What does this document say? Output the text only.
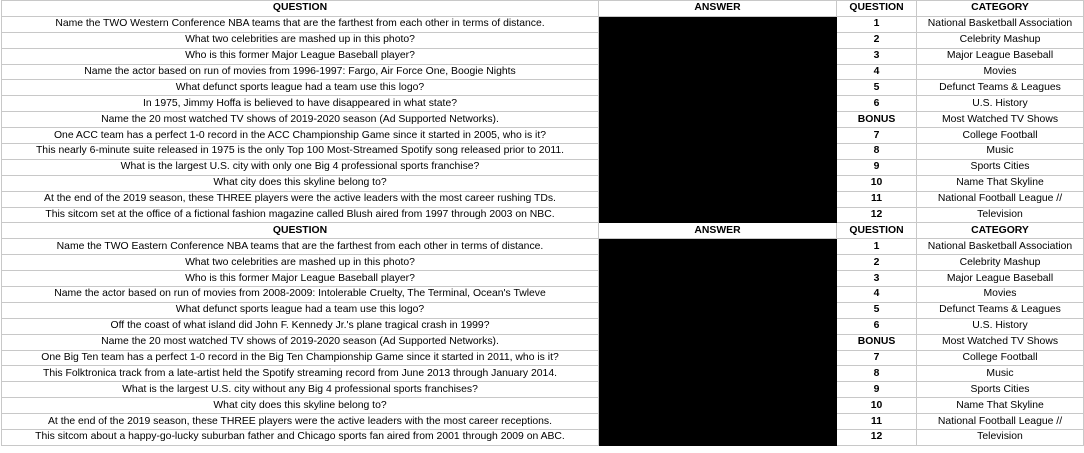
QUESTION	ANSWER	QUESTION	CATEGORY
Name the TWO Western Conference NBA teams that are the farthest from each other in terms of distance.		1	National Basketball Association
What two celebrities are mashed up in this photo?		2	Celebrity Mashup
Who is this former Major League Baseball player?		3	Major League Baseball
Name the actor based on run of movies from 1996-1997: Fargo, Air Force One, Boogie Nights		4	Movies
What defunct sports league had a team use this logo?		5	Defunct Teams & Leagues
In 1975, Jimmy Hoffa is believed to have disappeared in what state?		6	U.S. History
Name the 20 most watched TV shows of 2019-2020 season (Ad Supported Networks).		BONUS	Most Watched TV Shows
One ACC team has a perfect 1-0 record in the ACC Championship Game since it started in 2005, who is it?		7	College Football
This nearly 6-minute suite released in 1975 is the only Top 100 Most-Streamed Spotify song released prior to 2011.		8	Music
What is the largest U.S. city with only one Big 4 professional sports franchise?		9	Sports Cities
What city does this skyline belong to?		10	Name That Skyline
At the end of the 2019 season, these THREE players were the active leaders with the most career rushing TDs.		11	National Football League //
This sitcom set at the office of a fictional fashion magazine called Blush aired from 1997 through 2003 on NBC.		12	Television
QUESTION	ANSWER	QUESTION	CATEGORY
Name the TWO Eastern Conference NBA teams that are the farthest from each other in terms of distance.		1	National Basketball Association
What two celebrities are mashed up in this photo?		2	Celebrity Mashup
Who is this former Major League Baseball player?		3	Major League Baseball
Name the actor based on run of movies from 2008-2009: Intolerable Cruelty, The Terminal, Ocean's Twleve		4	Movies
What defunct sports league had a team use this logo?		5	Defunct Teams & Leagues
Off the coast of what island did John F. Kennedy Jr.'s plane tragical crash in 1999?		6	U.S. History
Name the 20 most watched TV shows of 2019-2020 season (Ad Supported Networks).		BONUS	Most Watched TV Shows
One Big Ten team has a perfect 1-0 record in the Big Ten Championship Game since it started in 2011, who is it?		7	College Football
This Folktronica track from a late-artist held the Spotify streaming record from June 2013 through January 2014.		8	Music
What is the largest U.S. city without any Big 4 professional sports franchises?		9	Sports Cities
What city does this skyline belong to?		10	Name That Skyline
At the end of the 2019 season, these THREE players were the active leaders with the most career receptions.		11	National Football League //
This sitcom about a happy-go-lucky suburban father and Chicago sports fan aired from 2001 through 2009 on ABC.		12	Television
